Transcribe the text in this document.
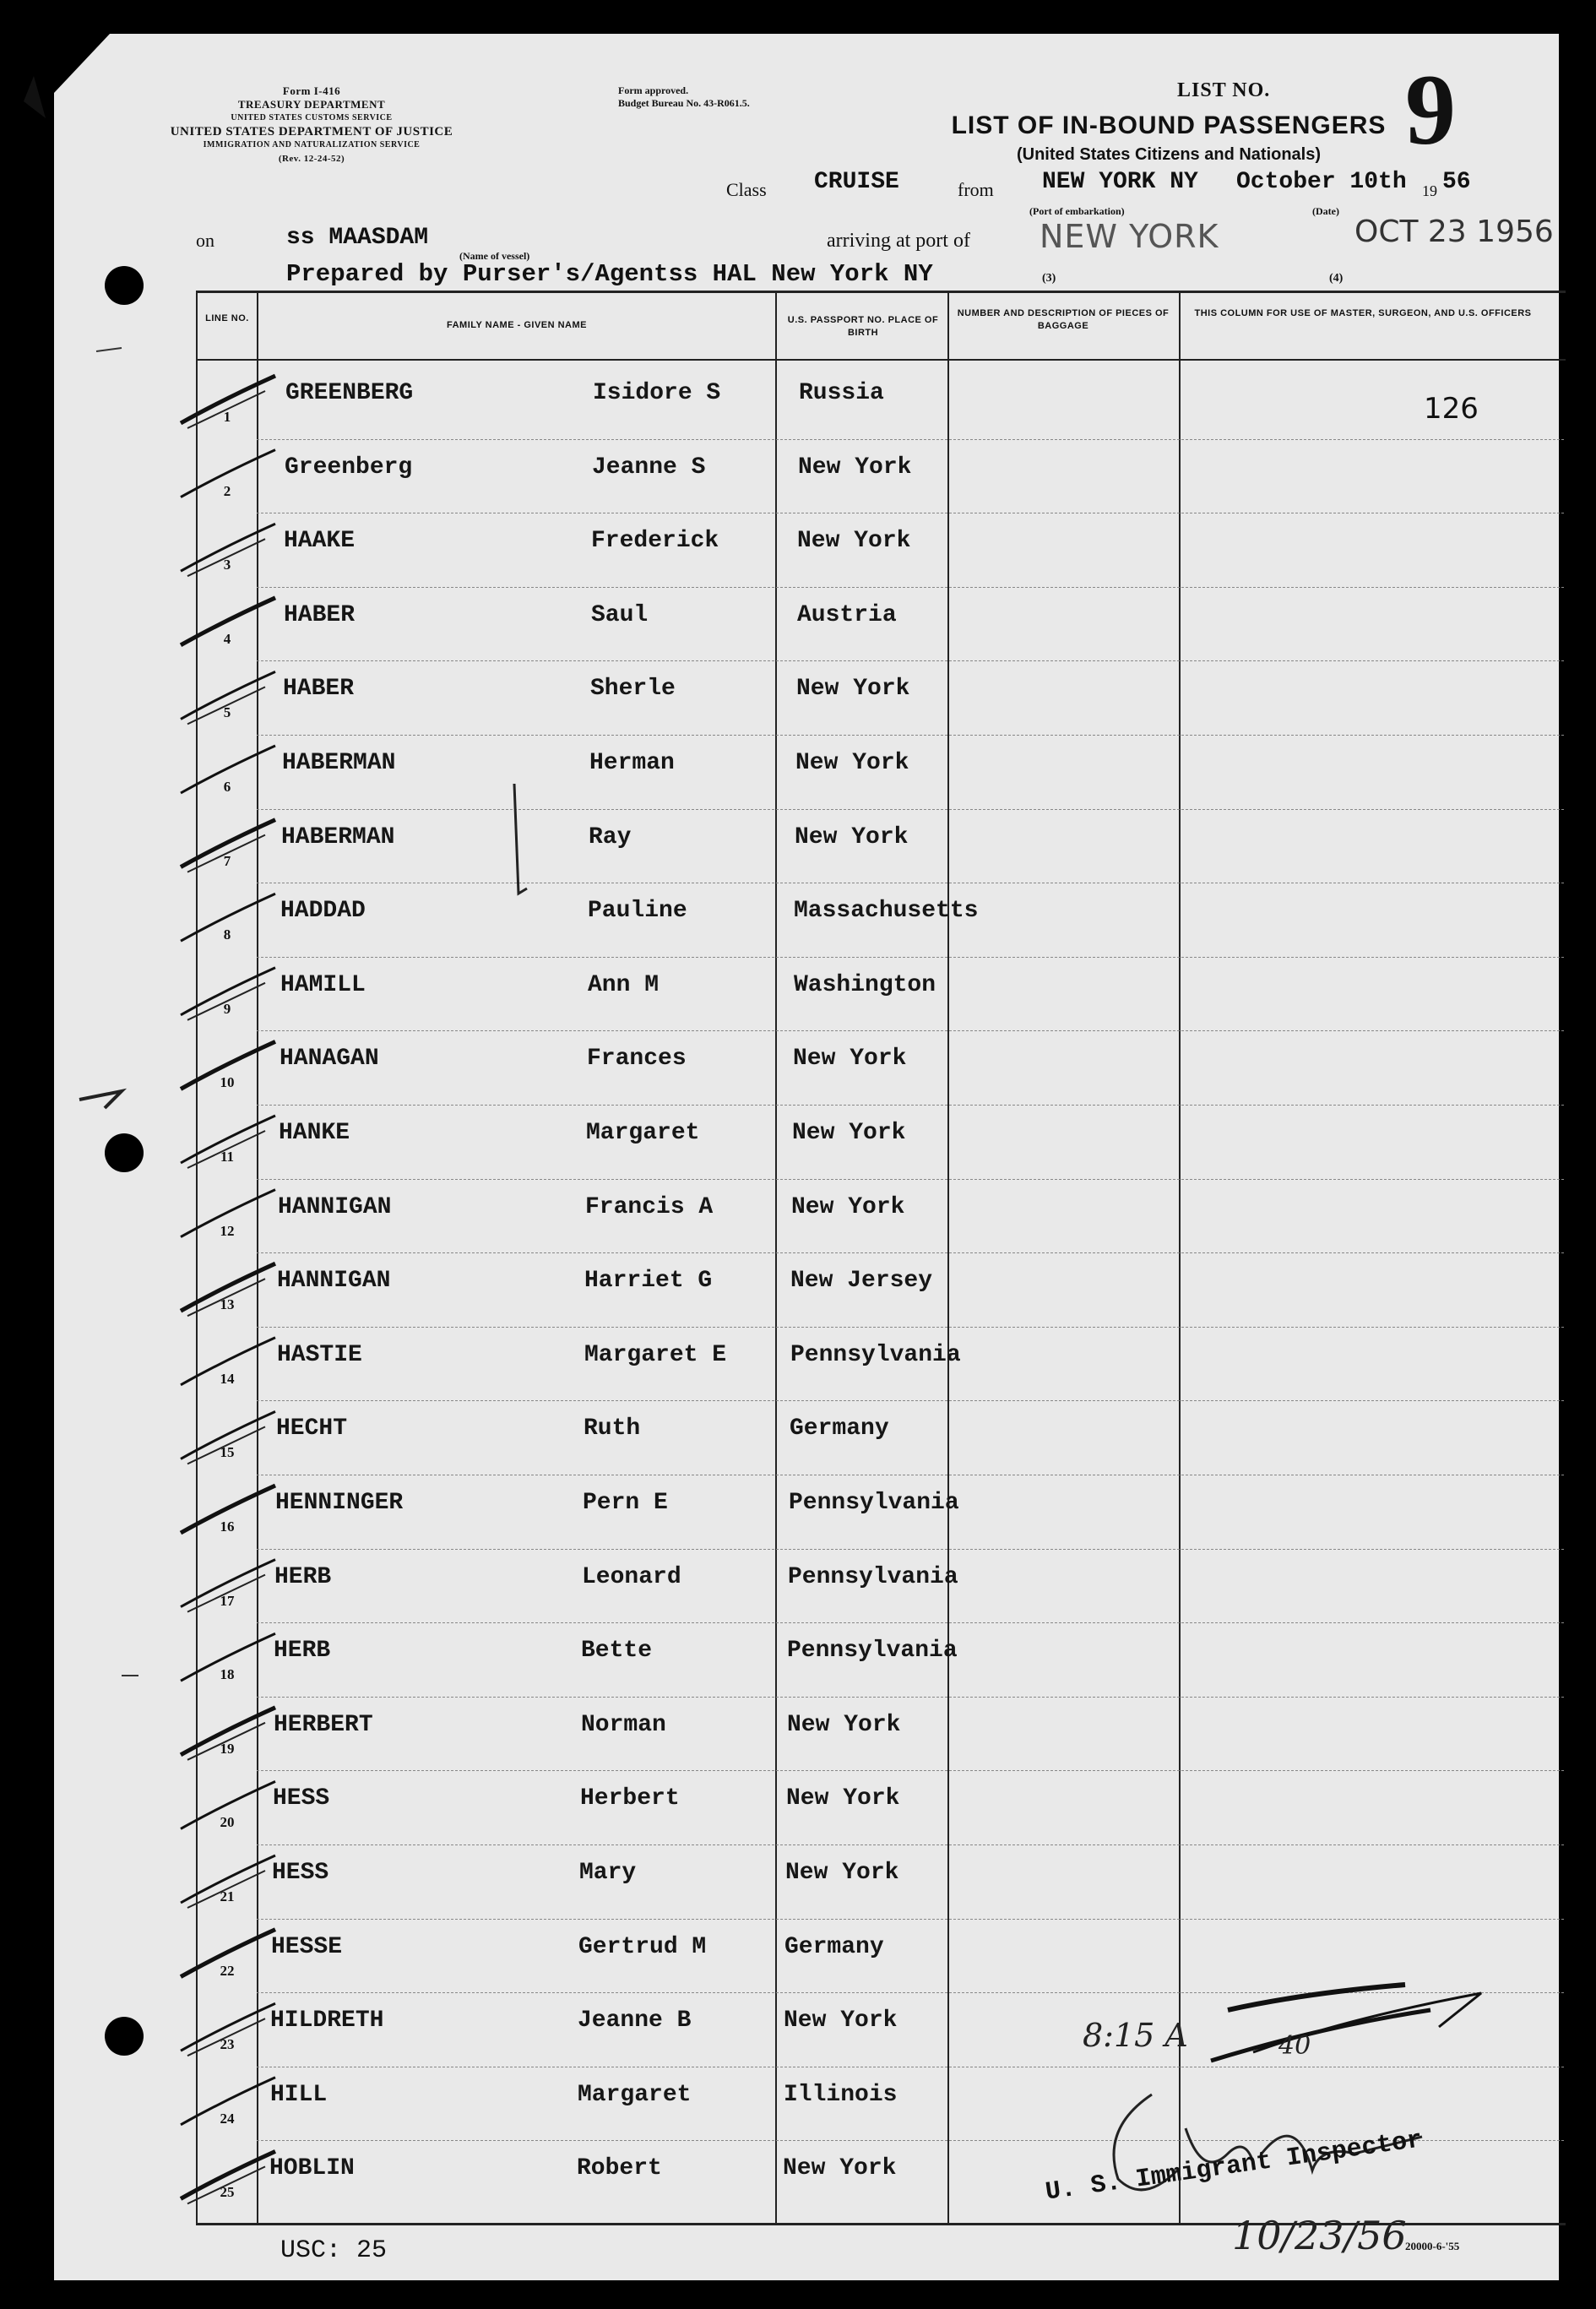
Form I-416
TREASURY DEPARTMENT
UNITED STATES CUSTOMS SERVICE
UNITED STATES DEPARTMENT OF JUSTICE
IMMIGRATION AND NATURALIZATION SERVICE
(Rev. 12-24-52)
Form approved.
Budget Bureau No. 43-R061.5.
LIST NO. 9
LIST OF IN-BOUND PASSENGERS
(United States Citizens and Nationals)
Class CRUISE	from NEW YORK NY October 10th 19 56
(Port of embarkation)	(Date)
on	ss MAASDAM
(Name of vessel)
arriving at port of NEW YORK	OCT 23 1956
Prepared by Purser's/Agentss HAL New York NY	(3)	(4)
LINE NO.
FAMILY NAME - GIVEN NAME	U.S. PASSPORT NO. PLACE OF BIRTH
NUMBER AND DESCRIPTION OF PIECES OF BAGGAGE
THIS COLUMN FOR USE OF MASTER, SURGEON, AND U.S. OFFICERS
1
GREENBERG	Isidore S	Russia
2
Greenberg	Jeanne S	New York
3
HAAKE	Frederick	New York
4
HABER	Saul	Austria
5
HABER	Sherle	New York
6
HABERMAN	Herman	New York
7
HABERMAN	Ray	New York
8
HADDAD	Pauline	Massachusetts
9
HAMILL	Ann M	Washington
10
HANAGAN	Frances	New York
11
HANKE	Margaret	New York
12
HANNIGAN	Francis A	New York
13
HANNIGAN	Harriet G	New Jersey
14
HASTIE	Margaret E	Pennsylvania
15
HECHT	Ruth	Germany
16
HENNINGER	Pern E	Pennsylvania
17
HERB	Leonard	Pennsylvania
18
HERB	Bette	Pennsylvania
19
HERBERT	Norman	New York
20
HESS	Herbert	New York
21
HESS	Mary	New York
22
HESSE	Gertrud M	Germany
23
HILDRETH	Jeanne B	New York
24
HILL	Margaret	Illinois
25
HOBLIN	Robert	New York
126
8:15 A	40
U. S. Immigrant Inspector
10/23/56
USC: 25	20000-6-'55
